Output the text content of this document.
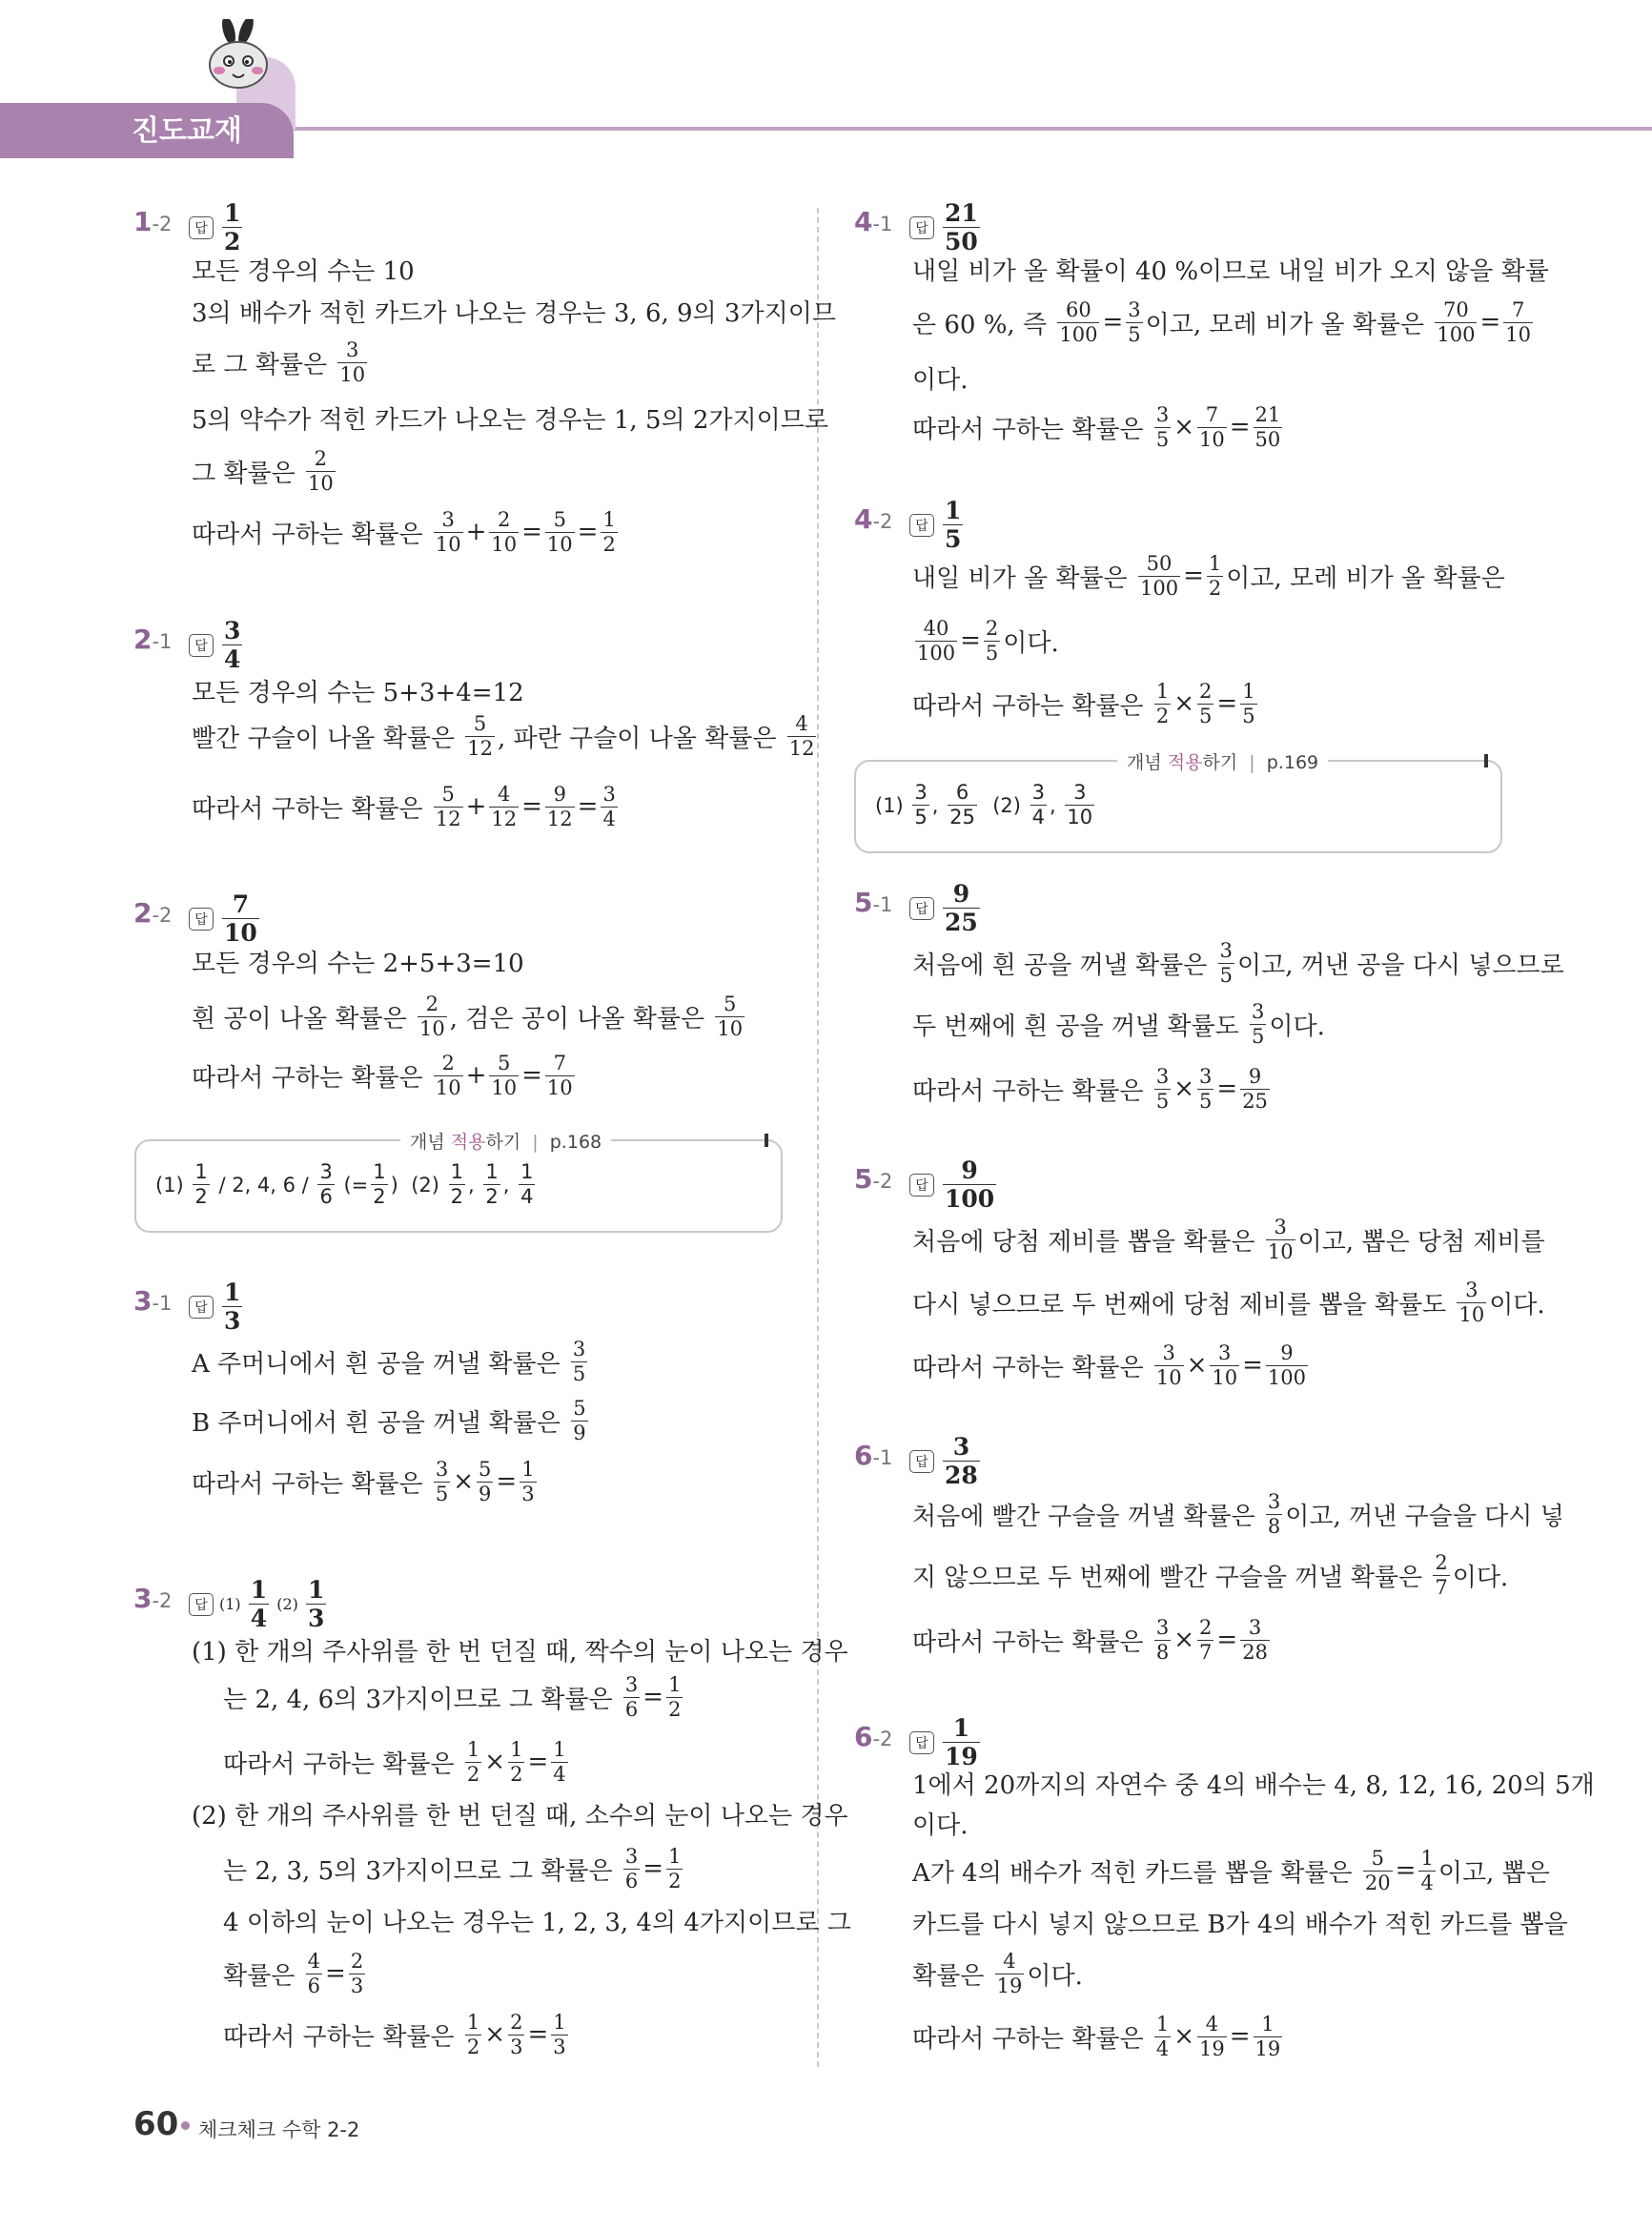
진도교재
1-2	답 $\frac{1}{2}$
모든 경우의 수는 10
3의 배수가 적힌 카드가 나오는 경우는 3, 6, 9의 3가지이므
로 그 확률은 $\frac{3}{10}$
5의 약수가 적힌 카드가 나오는 경우는 1, 5의 2가지이므로
그 확률은 $\frac{2}{10}$
따라서 구하는 확률은 $\frac{3}{10} + \frac{2}{10} = \frac{5}{10} = \frac{1}{2}$
2-1	답 $\frac{3}{4}$
모든 경우의 수는 5+3+4=12
빨간 구슬이 나올 확률은 $\frac{5}{12}$ , 파란 구슬이 나올 확률은 $\frac{4}{12}$
따라서 구하는 확률은 $\frac{5}{12} + \frac{4}{12} = \frac{9}{12} = \frac{3}{4}$
2-2	답 $\frac{7}{10}$
모든 경우의 수는 2+5+3=10
흰 공이 나올 확률은 $\frac{2}{10}$ , 검은 공이 나올 확률은 $\frac{5}{10}$
따라서 구하는 확률은 $\frac{2}{10} + \frac{5}{10} = \frac{7}{10}$
3-1	답 $\frac{1}{3}$
A 주머니에서 흰 공을 꺼낼 확률은 $\frac{3}{5}$
B 주머니에서 흰 공을 꺼낼 확률은 $\frac{5}{9}$
따라서 구하는 확률은 $\frac{3}{5} \times \frac{5}{9} = \frac{1}{3}$
3-2	답 $(1) \frac{1}{4} (2) \frac{1}{3}$
(1) 한 개의 주사위를 한 번 던질 때, 짝수의 눈이 나오는 경우
는 2, 4, 6의 3가지이므로 그 확률은 $\frac{3}{6} = \frac{1}{2}$
따라서 구하는 확률은 $\frac{1}{2} \times \frac{1}{2} = \frac{1}{4}$
(2) 한 개의 주사위를 한 번 던질 때, 소수의 눈이 나오는 경우
는 2, 3, 5의 3가지이므로 그 확률은 $\frac{3}{6} = \frac{1}{2}$
4 이하의 눈이 나오는 경우는 1, 2, 3, 4의 4가지이므로 그
확률은 $\frac{4}{6} = \frac{2}{3}$
따라서 구하는 확률은 $\frac{1}{2} \times \frac{2}{3} = \frac{1}{3}$
4-1	답 $\frac{21}{50}$
내일 비가 올 확률이 40 %이므로 내일 비가 오지 않을 확률
은 60 %, 즉 $\frac{60}{100} = \frac{3}{5}$ 이고, 모레 비가 올 확률은 $\frac{70}{100} = \frac{7}{10}$
이다.
따라서 구하는 확률은 $\frac{3}{5} \times \frac{7}{10} = \frac{21}{50}$
4-2	답 $\frac{1}{5}$
내일 비가 올 확률은 $\frac{50}{100} = \frac{1}{2}$ 이고, 모레 비가 올 확률은
$\frac{40}{100} = \frac{2}{5}$ 이다.
따라서 구하는 확률은 $\frac{1}{2} \times \frac{2}{5} = \frac{1}{5}$
5-1	답 $\frac{9}{25}$
처음에 흰 공을 꺼낼 확률은 $\frac{3}{5}$ 이고, 꺼낸 공을 다시 넣으므로
두 번째에 흰 공을 꺼낼 확률도 $\frac{3}{5}$ 이다.
따라서 구하는 확률은 $\frac{3}{5} \times \frac{3}{5} = \frac{9}{25}$
5-2	답 $\frac{9}{100}$
처음에 당첨 제비를 뽑을 확률은 $\frac{3}{10}$ 이고, 뽑은 당첨 제비를
다시 넣으므로 두 번째에 당첨 제비를 뽑을 확률도 $\frac{3}{10}$ 이다.
따라서 구하는 확률은 $\frac{3}{10} \times \frac{3}{10} = \frac{9}{100}$
6-1	답 $\frac{3}{28}$
처음에 빨간 구슬을 꺼낼 확률은 $\frac{3}{8}$ 이고, 꺼낸 구슬을 다시 넣
지 않으므로 두 번째에 빨간 구슬을 꺼낼 확률은 $\frac{2}{7}$ 이다.
따라서 구하는 확률은 $\frac{3}{8} \times \frac{2}{7} = \frac{3}{28}$
6-2	답 $\frac{1}{19}$
1에서 20까지의 자연수 중 4의 배수는 4, 8, 12, 16, 20의 5개
이다.
A가 4의 배수가 적힌 카드를 뽑을 확률은 $\frac{5}{20} = \frac{1}{4}$ 이고, 뽑은
카드를 다시 넣지 않으므로 B가 4의 배수가 적힌 카드를 뽑을
확률은 $\frac{4}{19}$ 이다.
따라서 구하는 확률은 $\frac{1}{4} \times \frac{4}{19} = \frac{1}{19}$
개념 적용하기  |  p.168
$(1) \frac{1}{2} / 2$, 4, $6 / \frac{3}{6}$ (= $\frac{1}{2}$ )  $(2) \frac{1}{2}$ , $\frac{1}{2}$ , $\frac{1}{4}$
개념 적용하기  |  p.169
$(1) \frac{3}{5}$ , $\frac{6}{25} (2) \frac{3}{4}$ , $\frac{3}{10}$
60 체크체크 수학 2-2
